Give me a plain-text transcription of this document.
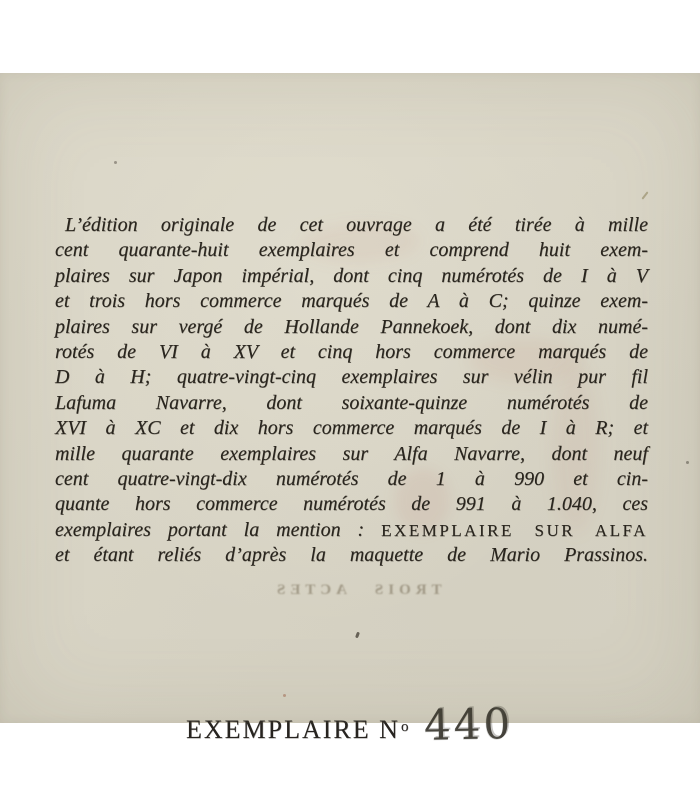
L’édition originale de cet ouvrage a été tirée à mille
cent quarante-huit exemplaires et comprend huit exem-
plaires sur Japon impérial, dont cinq numérotés de I à V
et trois hors commerce marqués de A à C; quinze exem-
plaires sur vergé de Hollande Pannekoek, dont dix numé-
rotés de VI à XV et cinq hors commerce marqués de
D à H; quatre-vingt-cinq exemplaires sur vélin pur fil
Lafuma Navarre, dont soixante-quinze numérotés de
XVI à XC et dix hors commerce marqués de I à R; et
mille quarante exemplaires sur Alfa Navarre, dont neuf
cent quatre-vingt-dix numérotés de 1 à 990 et cin-
quante hors commerce numérotés de 991 à 1.040, ces
exemplaires portant la mention : EXEMPLAIRE SUR ALFA
et étant reliés d’après la maquette de Mario Prassinos.
TROIS ACTES
EXEMPLAIRE $N^o$ 440
